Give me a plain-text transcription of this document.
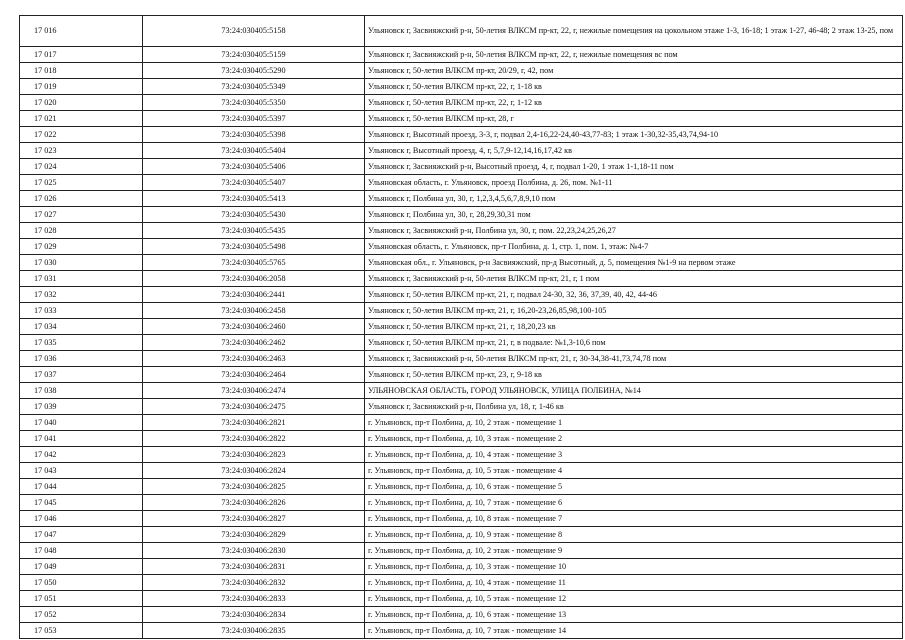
17 016	73:24:030405:5158	Ульяновск г, Засвияжский р-н, 50-летия ВЛКСМ пр-кт, 22, г, нежилые помещения на цокольном этаже 1-3, 16-18; 1 этаж 1-27, 46-48; 2 этаж 13-25, пом
17 017	73:24:030405:5159	Ульяновск г, Засвияжский р-н, 50-летия ВЛКСМ пр-кт, 22, г, нежилые помещения вс пом
17 018	73:24:030405:5290	Ульяновск г, 50-летия ВЛКСМ пр-кт, 20/29, г, 42, пом
17 019	73:24:030405:5349	Ульяновск г, 50-летия ВЛКСМ пр-кт, 22, г, 1-18 кв
17 020	73:24:030405:5350	Ульяновск г, 50-летия ВЛКСМ пр-кт, 22, г, 1-12 кв
17 021	73:24:030405:5397	Ульяновск г, 50-летия ВЛКСМ пр-кт, 28, г
17 022	73:24:030405:5398	Ульяновск г, Высотный проезд, 3-3, г, подвал 2,4-16,22-24,40-43,77-83; 1 этаж 1-30,32-35,43,74,94-10
17 023	73:24:030405:5404	Ульяновск г, Высотный проезд, 4, г, 5,7,9-12,14,16,17,42 кв
17 024	73:24:030405:5406	Ульяновск г, Засвияжский р-н, Высотный проезд, 4, г, подвал 1-20, 1 этаж 1-1,18-11 пом
17 025	73:24:030405:5407	Ульяновская область, г. Ульяновск, проезд Полбина, д. 26, пом. №1-11
17 026	73:24:030405:5413	Ульяновск г, Полбина ул, 30, г, 1,2,3,4,5,6,7,8,9,10 пом
17 027	73:24:030405:5430	Ульяновск г, Полбина ул, 30, г, 28,29,30,31 пом
17 028	73:24:030405:5435	Ульяновск г, Засвияжский р-н, Полбина ул, 30, г, пом. 22,23,24,25,26,27
17 029	73:24:030405:5498	Ульяновская область, г. Ульяновск, пр-т Полбина, д. 1, стр. 1, пом. 1, этаж: №4-7
17 030	73:24:030405:5765	Ульяновская обл., г. Ульяновск, р-н Засвияжский, пр-д Высотный, д. 5, помещения №1-9 на первом этаже
17 031	73:24:030406:2058	Ульяновск г, Засвияжский р-н, 50-летия ВЛКСМ пр-кт, 21, г, 1 пом
17 032	73:24:030406:2441	Ульяновск г, 50-летия ВЛКСМ пр-кт, 21, г, подвал 24-30, 32, 36, 37,39, 40, 42, 44-46
17 033	73:24:030406:2458	Ульяновск г, 50-летия ВЛКСМ пр-кт, 21, г, 16,20-23,26,85,98,100-105
17 034	73:24:030406:2460	Ульяновск г, 50-летия ВЛКСМ пр-кт, 21, г, 18,20,23 кв
17 035	73:24:030406:2462	Ульяновск г, 50-летия ВЛКСМ пр-кт, 21, г, в подвале: №1,3-10,6 пом
17 036	73:24:030406:2463	Ульяновск г, Засвияжский р-н, 50-летия ВЛКСМ пр-кт, 21, г, 30-34,38-41,73,74,78 пом
17 037	73:24:030406:2464	Ульяновск г, 50-летия ВЛКСМ пр-кт, 23, г, 9-18 кв
17 038	73:24:030406:2474	УЛЬЯНОВСКАЯ ОБЛАСТЬ, ГОРОД УЛЬЯНОВСК, УЛИЦА ПОЛБИНА, №14
17 039	73:24:030406:2475	Ульяновск г, Засвияжский р-н, Полбина ул, 18, г, 1-46 кв
17 040	73:24:030406:2821	г. Ульяновск, пр-т Полбина, д. 10, 2 этаж - помещение 1
17 041	73:24:030406:2822	г. Ульяновск, пр-т Полбина, д. 10, 3 этаж - помещение 2
17 042	73:24:030406:2823	г. Ульяновск, пр-т Полбина, д. 10, 4 этаж - помещение 3
17 043	73:24:030406:2824	г. Ульяновск, пр-т Полбина, д. 10, 5 этаж - помещение 4
17 044	73:24:030406:2825	г. Ульяновск, пр-т Полбина, д. 10, 6 этаж - помещение 5
17 045	73:24:030406:2826	г. Ульяновск, пр-т Полбина, д. 10, 7 этаж - помещение 6
17 046	73:24:030406:2827	г. Ульяновск, пр-т Полбина, д. 10, 8 этаж - помещение 7
17 047	73:24:030406:2829	г. Ульяновск, пр-т Полбина, д. 10, 9 этаж - помещение 8
17 048	73:24:030406:2830	г. Ульяновск, пр-т Полбина, д. 10, 2 этаж - помещение 9
17 049	73:24:030406:2831	г. Ульяновск, пр-т Полбина, д. 10, 3 этаж - помещение 10
17 050	73:24:030406:2832	г. Ульяновск, пр-т Полбина, д. 10, 4 этаж - помещение 11
17 051	73:24:030406:2833	г. Ульяновск, пр-т Полбина, д. 10, 5 этаж - помещение 12
17 052	73:24:030406:2834	г. Ульяновск, пр-т Полбина, д. 10, 6 этаж - помещение 13
17 053	73:24:030406:2835	г. Ульяновск, пр-т Полбина, д. 10, 7 этаж - помещение 14
